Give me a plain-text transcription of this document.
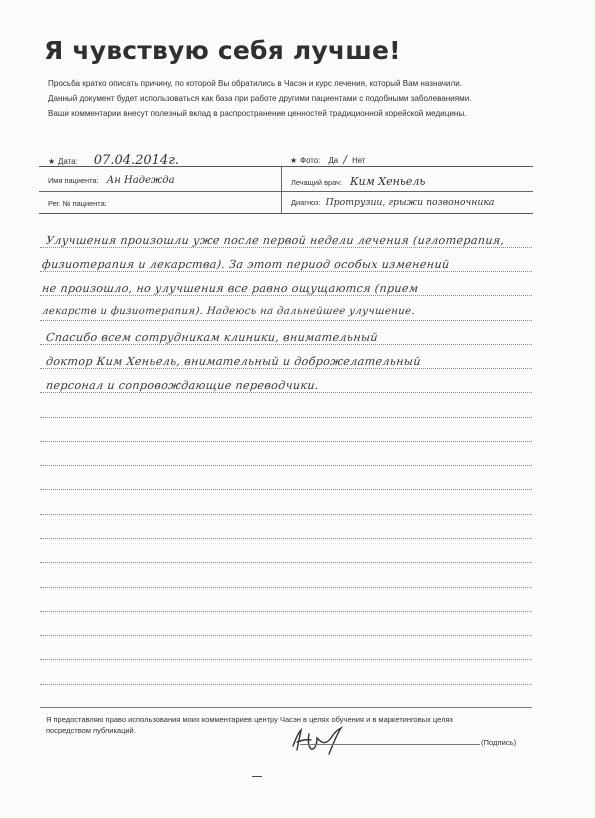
Я чувствую себя лучше!
Просьба кратко описать причину, по которой Вы обратились в Часэн и курс лечения, который Вам назначили.
Данный документ будет использоваться как база при работе другими пациентами с подобными заболеваниями.
Ваши комментарии внесут полезный вклад в распространение ценностей традиционной корейской медицины.
★ Дата: 07.04.2014г.	★ Фото: Да / Нет
Имя пациента: Ан Надежда	Лечащий врач: Ким Хеньель
Рег. № пациента:	Диагноз: Протрузии, грыжи позвоночника
Улучшения произошли уже после первой недели лечения (иглотерапия,
физиотерапия и лекарства). За этот период особых изменений
не произошло, но улучшения все равно ощущаются (прием
лекарств и физиотерапия). Надеюсь на дальнейшее улучшение.
Спасибо всем сотрудникам клиники, внимательный
доктор Ким Хеньель, внимательный и доброжелательный
персонал и сопровождающие переводчики.
Я предоставляю право использования моих комментариев центру Часэн в целях обучения и в маркетинговых целях
посредством публикаций.
(Подпись)
